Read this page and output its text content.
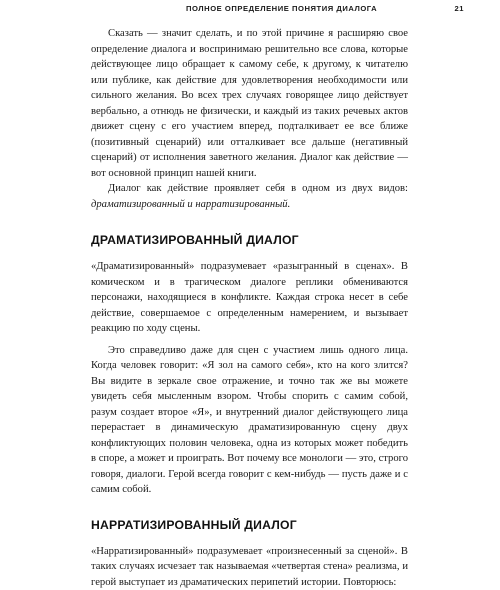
ПОЛНОЕ ОПРЕДЕЛЕНИЕ ПОНЯТИЯ ДИАЛОГА	21

Сказать — значит сделать, и по этой причине я расширяю свое определение диалога и воспринимаю решительно все слова, которые действующее лицо обращает к самому себе, к другому, к читателю или публике, как действие для удовлетворения необходимости или сильного желания. Во всех трех случаях говорящее лицо действует вербально, а отнюдь не физически, и каждый из таких речевых актов движет сцену с его участием вперед, подталкивает ее все ближе (позитивный сценарий) или отталкивает все дальше (негативный сценарий) от исполнения заветного желания. Диалог как действие — вот основной принцип нашей книги.

Диалог как действие проявляет себя в одном из двух видов: драматизированный и нарратизированный.

ДРАМАТИЗИРОВАННЫЙ ДИАЛОГ

«Драматизированный» подразумевает «разыгранный в сценах». В комическом и в трагическом диалоге реплики обмениваются персонажи, находящиеся в конфликте. Каждая строка несет в себе действие, совершаемое с определенным намерением, и вызывает реакцию по ходу сцены.

Это справедливо даже для сцен с участием лишь одного лица. Когда человек говорит: «Я зол на самого себя», кто на кого злится? Вы видите в зеркале свое отражение, и точно так же вы можете увидеть себя мысленным взором. Чтобы спорить с самим собой, разум создает второе «Я», и внутренний диалог действующего лица перерастает в динамическую драматизированную сцену двух конфликтующих половин человека, одна из которых может победить в споре, а может и проиграть. Вот почему все монологи — это, строго говоря, диалоги. Герой всегда говорит с кем-нибудь — пусть даже и с самим собой.

НАРРАТИЗИРОВАННЫЙ ДИАЛОГ

«Нарратизированный» подразумевает «произнесенный за сценой». В таких случаях исчезает так называемая «четвертая стена» реализма, и герой выступает из драматических перипетий истории. Повторюсь:
